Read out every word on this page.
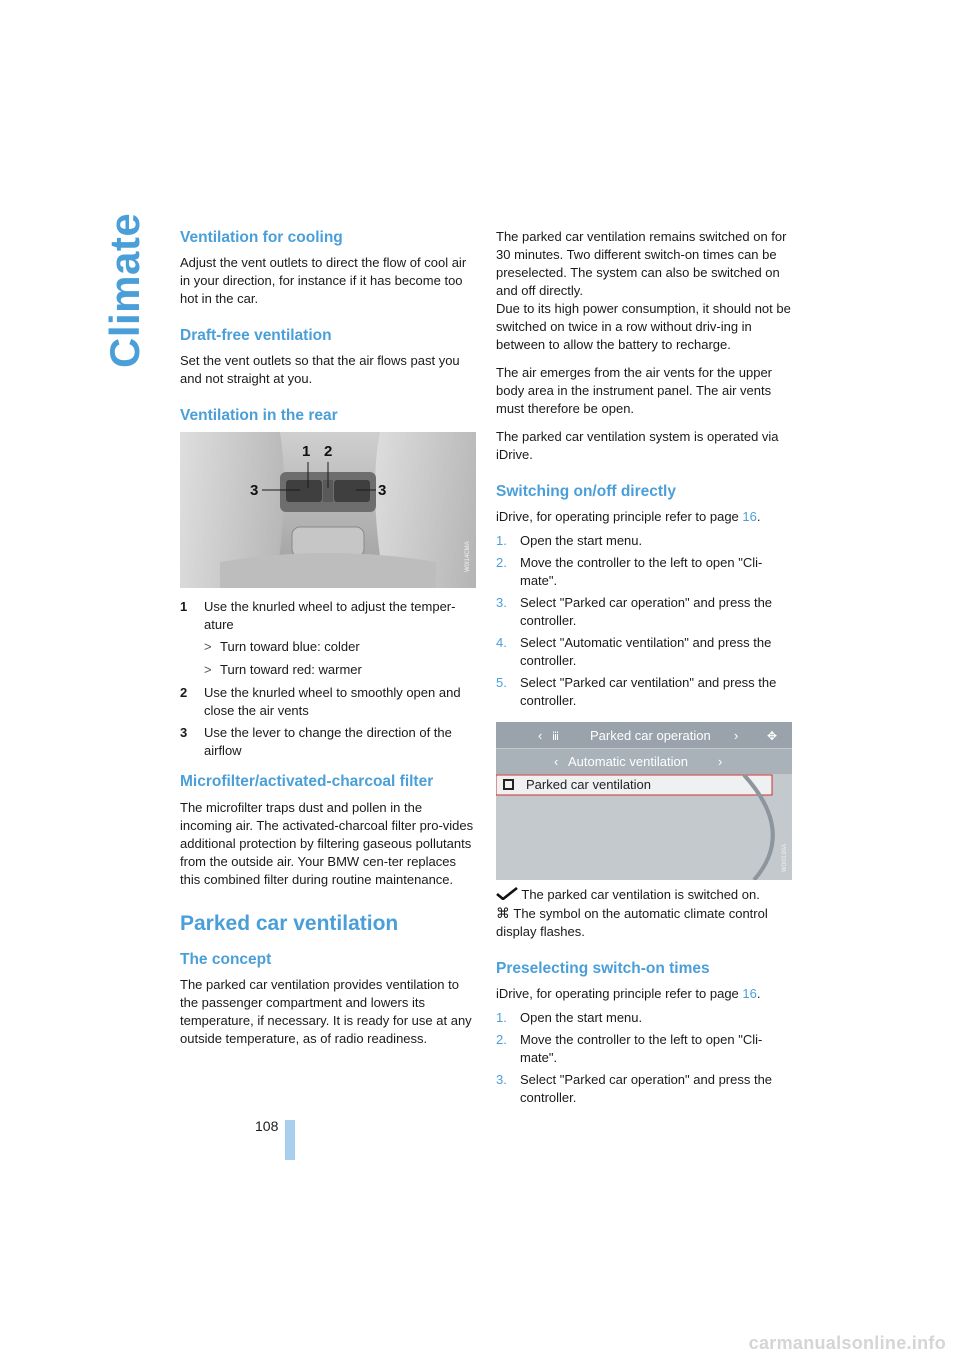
Climate Ventilation for cooling

Adjust the vent outlets to direct the flow of cool air in your direction, for instance if it has become too hot in the car.

Draft-free ventilation

Set the vent outlets so that the air flows past you and not straight at you.

Ventilation in the rear
1 2
3	3
W0I14CMA
1	Use the knurled wheel to adjust the temper-ature
> Turn toward blue: colder
> Turn toward red: warmer
2	Use the knurled wheel to smoothly open and close the air vents
3	Use the lever to change the direction of the airflow
Microfilter/activated-charcoal filter

The microfilter traps dust and pollen in the incoming air. The activated-charcoal filter pro-vides additional protection by filtering gaseous pollutants from the outside air. Your BMW cen-ter replaces this combined filter during routine maintenance.

Parked car ventilation
The concept

The parked car ventilation provides ventilation to the passenger compartment and lowers its temperature, if necessary. It is ready for use at any outside temperature, as of radio readiness.

The parked car ventilation remains switched on for 30 minutes. Two different switch-on times can be preselected. The system can also be switched on and off directly.

Due to its high power consumption, it should not be switched on twice in a row without driv-ing in between to allow the battery to recharge.

The air emerges from the air vents for the upper body area in the instrument panel. The air vents must therefore be open.

The parked car ventilation system is operated via iDrive.

Switching on/off directly

iDrive, for operating principle refer to page 16.

1.	Open the start menu.
2.	Move the controller to the left to open "Cli-mate".
3.	Select "Parked car operation" and press the controller.
4.	Select "Automatic ventilation" and press the controller.
5.	Select "Parked car ventilation" and press the controller.
‹ ⅲ Parked car operation › ✥
‹ Automatic ventilation ›
Parked car ventilation
W0I0190A

The parked car ventilation is switched on.

⌘ The symbol on the automatic climate control display flashes.

Preselecting switch-on times

iDrive, for operating principle refer to page 16.

1.	Open the start menu.
2.	Move the controller to the left to open "Cli-mate".
3.	Select "Parked car operation" and press the controller.
108
carmanualsonline.info
